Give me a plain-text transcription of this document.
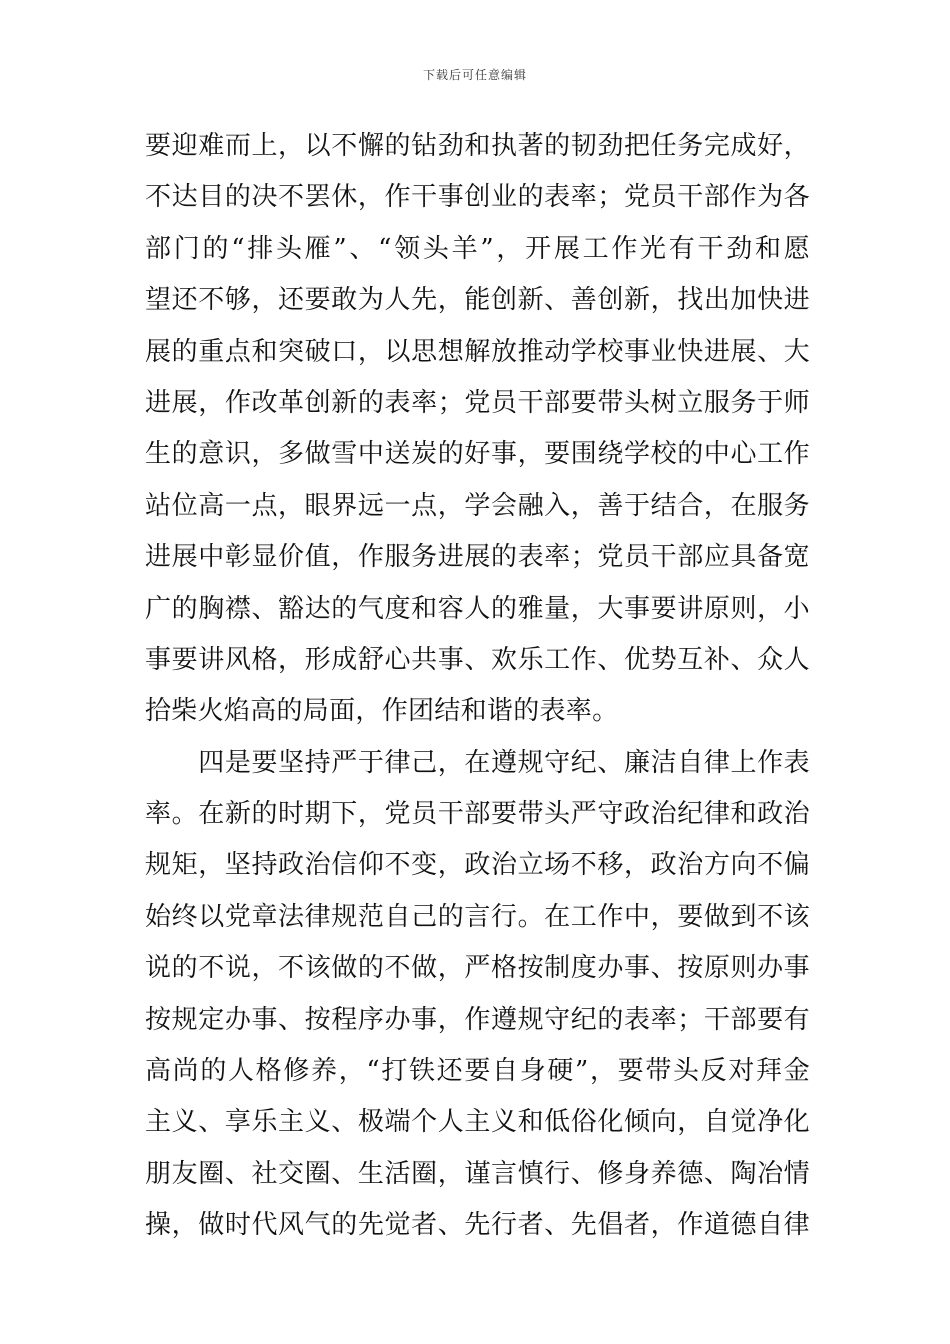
下载后可任意编辑
要迎难而上，以不懈的钻劲和执著的韧劲把任务完成好，
不达目的决不罢休，作干事创业的表率；党员干部作为各
部门的“排头雁”、“领头羊”，开展工作光有干劲和愿
望还不够，还要敢为人先，能创新、善创新，找出加快进
展的重点和突破口，以思想解放推动学校事业快进展、大
进展，作改革创新的表率；党员干部要带头树立服务于师
生的意识，多做雪中送炭的好事，要围绕学校的中心工作
站位高一点，眼界远一点，学会融入，善于结合，在服务
进展中彰显价值，作服务进展的表率；党员干部应具备宽
广的胸襟、豁达的气度和容人的雅量，大事要讲原则，小
事要讲风格，形成舒心共事、欢乐工作、优势互补、众人
拾柴火焰高的局面，作团结和谐的表率。
　　四是要坚持严于律己，在遵规守纪、廉洁自律上作表
率。在新的时期下，党员干部要带头严守政治纪律和政治
规矩，坚持政治信仰不变，政治立场不移，政治方向不偏
始终以党章法律规范自己的言行。在工作中，要做到不该
说的不说，不该做的不做，严格按制度办事、按原则办事
按规定办事、按程序办事，作遵规守纪的表率；干部要有
高尚的人格修养，“打铁还要自身硬”，要带头反对拜金
主义、享乐主义、极端个人主义和低俗化倾向，自觉净化
朋友圈、社交圈、生活圈，谨言慎行、修身养德、陶冶情
操，做时代风气的先觉者、先行者、先倡者，作道德自律
